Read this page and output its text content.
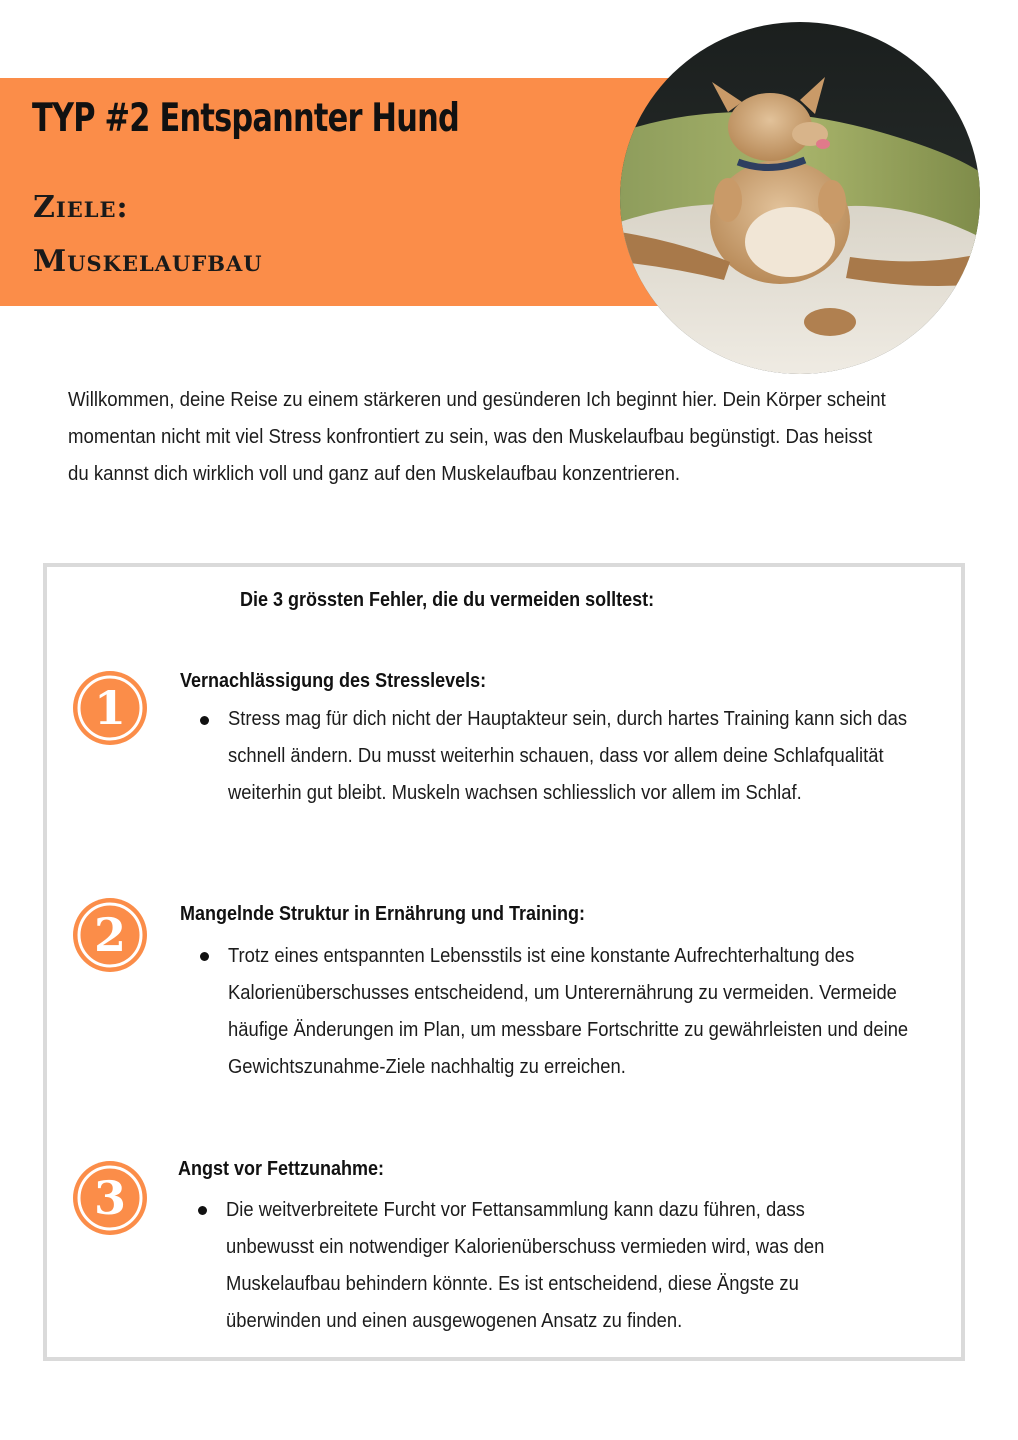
TYP #2 Entspannter Hund

Ziele:

Muskelaufbau

Willkommen, deine Reise zu einem stärkeren und gesünderen Ich beginnt hier. Dein Körper scheint momentan nicht mit viel Stress konfrontiert zu sein, was den Muskelaufbau begünstigt. Das heisst du kannst dich wirklich voll und ganz auf den Muskelaufbau konzentrieren.

Die 3 grössten Fehler, die du vermeiden solltest:

1	Vernachlässigung des Stresslevels:

Stress mag für dich nicht der Hauptakteur sein, durch hartes Training kann sich das schnell ändern. Du musst weiterhin schauen, dass vor allem deine Schlafqualität weiterhin gut bleibt. Muskeln wachsen schliesslich vor allem im Schlaf.

2	Mangelnde Struktur in Ernährung und Training:

Trotz eines entspannten Lebensstils ist eine konstante Aufrechterhaltung des Kalorienüberschusses entscheidend, um Unterernährung zu vermeiden. Vermeide häufige Änderungen im Plan, um messbare Fortschritte zu gewährleisten und deine Gewichtszunahme-Ziele nachhaltig zu erreichen.

3

Angst vor Fettzunahme:

Die weitverbreitete Furcht vor Fettansammlung kann dazu führen, dass unbewusst ein notwendiger Kalorienüberschuss vermieden wird, was den Muskelaufbau behindern könnte. Es ist entscheidend, diese Ängste zu überwinden und einen ausgewogenen Ansatz zu finden.
